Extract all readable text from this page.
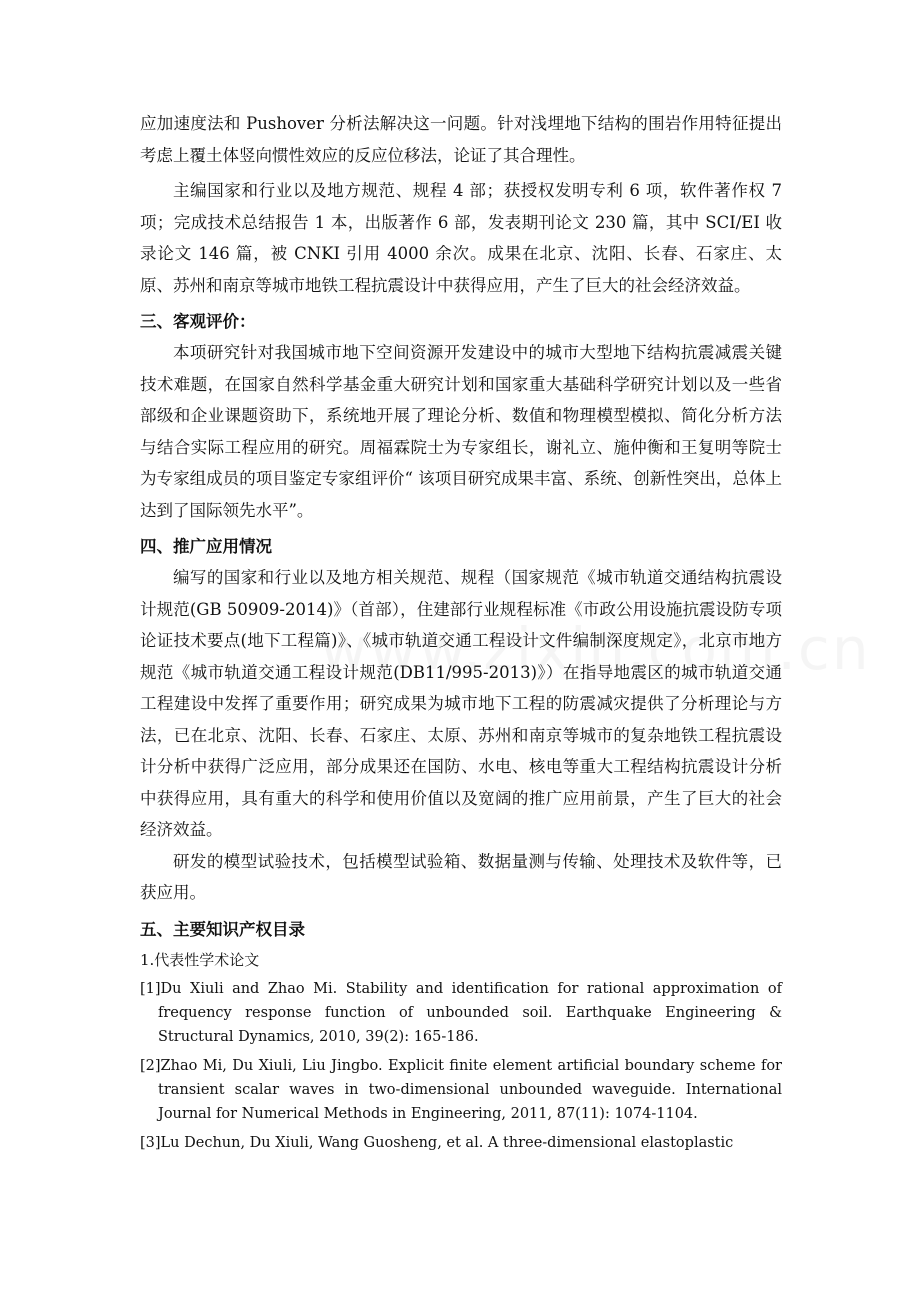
应加速度法和 Pushover 分析法解决这一问题。针对浅埋地下结构的围岩作用特征提出考虑上覆土体竖向惯性效应的反应位移法，论证了其合理性。

主编国家和行业以及地方规范、规程 4 部；获授权发明专利 6 项，软件著作权 7 项；完成技术总结报告 1 本，出版著作 6 部，发表期刊论文 230 篇，其中 SCI/EI 收录论文 146 篇，被 CNKI 引用 4000 余次。成果在北京、沈阳、长春、石家庄、太原、苏州和南京等城市地铁工程抗震设计中获得应用，产生了巨大的社会经济效益。

三、客观评价：

本项研究针对我国城市地下空间资源开发建设中的城市大型地下结构抗震减震关键技术难题，在国家自然科学基金重大研究计划和国家重大基础科学研究计划以及一些省部级和企业课题资助下，系统地开展了理论分析、数值和物理模型模拟、简化分析方法与结合实际工程应用的研究。周福霖院士为专家组长，谢礼立、施仲衡和王复明等院士为专家组成员的项目鉴定专家组评价“ 该项目研究成果丰富、系统、创新性突出，总体上达到了国际领先水平”。

四、推广应用情况

编写的国家和行业以及地方相关规范、规程（国家规范《城市轨道交通结构抗震设计规范(GB 50909-2014)》（首部），住建部行业规程标准《市政公用设施抗震设防专项论证技术要点(地下工程篇)》、《城市轨道交通工程设计文件编制深度规定》，北京市地方规范《城市轨道交通工程设计规范(DB11/995-2013)》）在指导地震区的城市轨道交通工程建设中发挥了重要作用；研究成果为城市地下工程的防震减灾提供了分析理论与方法，已在北京、沈阳、长春、石家庄、太原、苏州和南京等城市的复杂地铁工程抗震设计分析中获得广泛应用，部分成果还在国防、水电、核电等重大工程结构抗震设计分析中获得应用，具有重大的科学和使用价值以及宽阔的推广应用前景，产生了巨大的社会经济效益。

研发的模型试验技术，包括模型试验箱、数据量测与传输、处理技术及软件等，已获应用。

五、主要知识产权目录
1.代表性学术论文
[1]Du Xiuli and Zhao Mi. Stability and identification for rational approximation of frequency response function of unbounded soil. Earthquake Engineering & Structural Dynamics, 2010, 39(2): 165-186.
[2]Zhao Mi, Du Xiuli, Liu Jingbo. Explicit finite element artificial boundary scheme for transient scalar waves in two-dimensional unbounded waveguide. International Journal for Numerical Methods in Engineering, 2011, 87(11): 1074-1104.
[3]Lu Dechun, Du Xiuli, Wang Guosheng, et al. A three-dimensional elastoplastic
